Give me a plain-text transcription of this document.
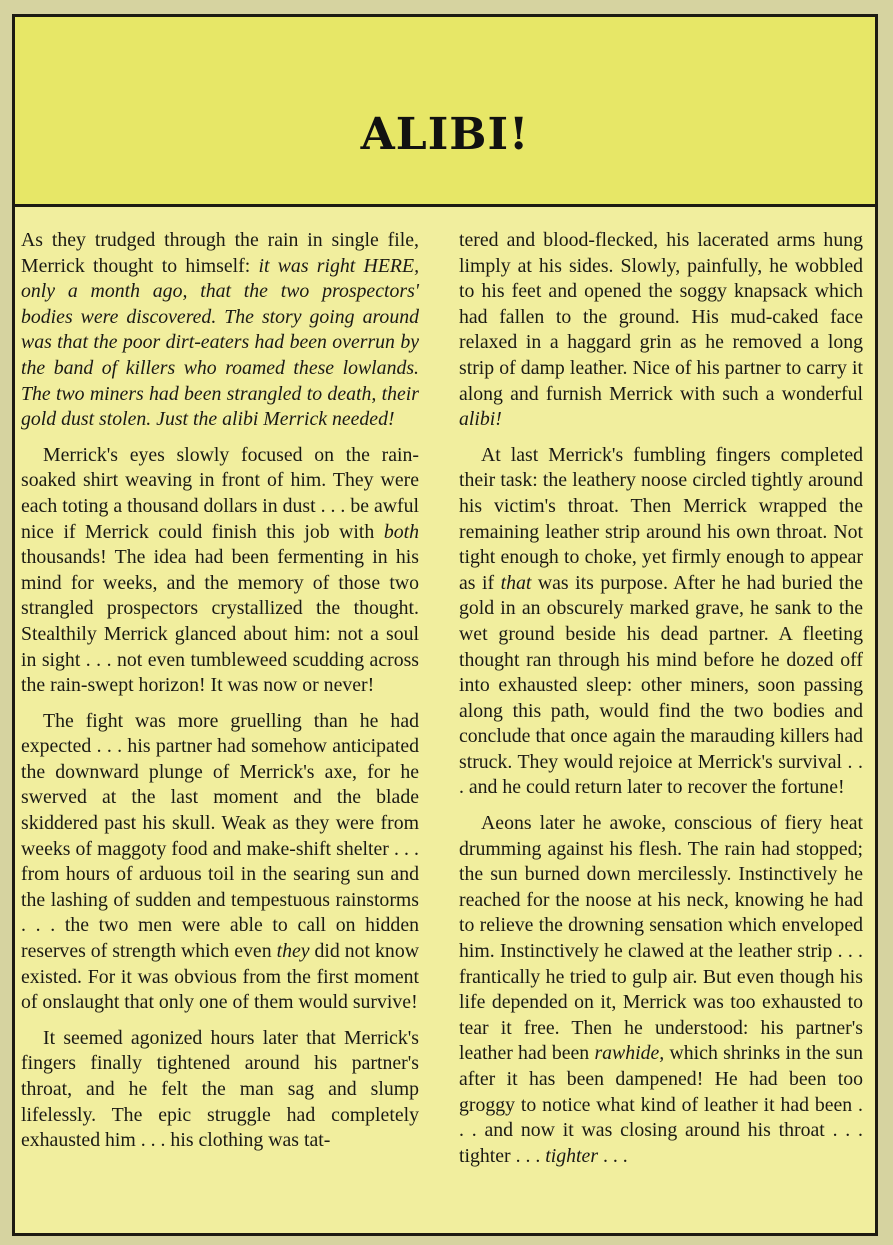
ALIBI!

As they trudged through the rain in single file, Merrick thought to himself: it was right HERE, only a month ago, that the two prospectors' bodies were discovered. The story going around was that the poor dirt-eaters had been overrun by the band of killers who roamed these lowlands. The two miners had been strangled to death, their gold dust stolen. Just the alibi Merrick needed!

Merrick's eyes slowly focused on the rain-soaked shirt weaving in front of him. They were each toting a thousand dollars in dust . . . be awful nice if Merrick could finish this job with both thousands! The idea had been fermenting in his mind for weeks, and the memory of those two strangled prospectors crystallized the thought. Stealthily Merrick glanced about him: not a soul in sight . . . not even tumbleweed scudding across the rain-swept horizon! It was now or never!

The fight was more gruelling than he had expected . . . his partner had somehow anticipated the downward plunge of Merrick's axe, for he swerved at the last moment and the blade skiddered past his skull. Weak as they were from weeks of maggoty food and make-shift shelter . . . from hours of arduous toil in the searing sun and the lashing of sudden and tempestuous rainstorms . . . the two men were able to call on hidden reserves of strength which even they did not know existed. For it was obvious from the first moment of onslaught that only one of them would survive!

It seemed agonized hours later that Merrick's fingers finally tightened around his partner's throat, and he felt the man sag and slump lifelessly. The epic struggle had completely exhausted him . . . his clothing was tat-

tered and blood-flecked, his lacerated arms hung limply at his sides. Slowly, painfully, he wobbled to his feet and opened the soggy knapsack which had fallen to the ground. His mud-caked face relaxed in a haggard grin as he removed a long strip of damp leather. Nice of his partner to carry it along and furnish Merrick with such a wonderful alibi!

At last Merrick's fumbling fingers completed their task: the leathery noose circled tightly around his victim's throat. Then Merrick wrapped the remaining leather strip around his own throat. Not tight enough to choke, yet firmly enough to appear as if that was its purpose. After he had buried the gold in an obscurely marked grave, he sank to the wet ground beside his dead partner. A fleeting thought ran through his mind before he dozed off into exhausted sleep: other miners, soon passing along this path, would find the two bodies and conclude that once again the marauding killers had struck. They would rejoice at Merrick's survival . . . and he could return later to recover the fortune!

Aeons later he awoke, conscious of fiery heat drumming against his flesh. The rain had stopped; the sun burned down mercilessly. Instinctively he reached for the noose at his neck, knowing he had to relieve the drowning sensation which enveloped him. Instinctively he clawed at the leather strip . . . frantically he tried to gulp air. But even though his life depended on it, Merrick was too exhausted to tear it free. Then he understood: his partner's leather had been rawhide, which shrinks in the sun after it has been dampened! He had been too groggy to notice what kind of leather it had been . . . and now it was closing around his throat . . . tighter . . . tighter . . .
